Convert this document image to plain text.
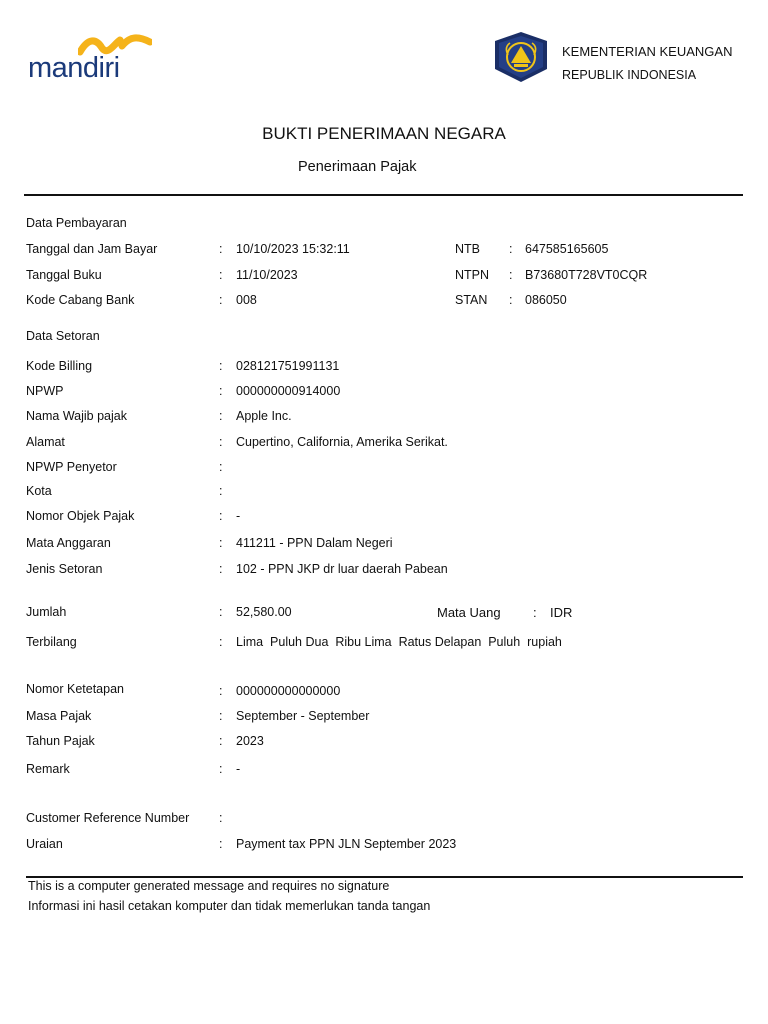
mandiri
KEMENTERIAN KEUANGAN
REPUBLIK INDONESIA
BUKTI PENERIMAAN NEGARA
Penerimaan Pajak
Data Pembayaran
Tanggal dan Jam Bayar	: 10/10/2023 15:32:11	NTB : 647585165605
Tanggal Buku	: 11/10/2023	NTPN : B73680T728VT0CQR
Kode Cabang Bank	: 008	STAN : 086050
Data Setoran
Kode Billing	: 028121751991131
NPWP	: 000000000914000
Nama Wajib pajak	: Apple Inc.
Alamat	: Cupertino, California, Amerika Serikat.
NPWP Penyetor	:
Kota	:
Nomor Objek Pajak	: -
Mata Anggaran	: 411211 - PPN Dalam Negeri
Jenis Setoran	: 102 - PPN JKP dr luar daerah Pabean
Jumlah	: 52,580.00	Mata Uang : IDR
Terbilang	: Lima  Puluh Dua  Ribu Lima  Ratus Delapan  Puluh  rupiah
Nomor Ketetapan	: 000000000000000
Masa Pajak	: September - September
Tahun Pajak	: 2023
Remark	: -
Customer Reference Number :
Uraian	: Payment tax PPN JLN September 2023
This is a computer generated message and requires no signature
Informasi ini hasil cetakan komputer dan tidak memerlukan tanda tangan
